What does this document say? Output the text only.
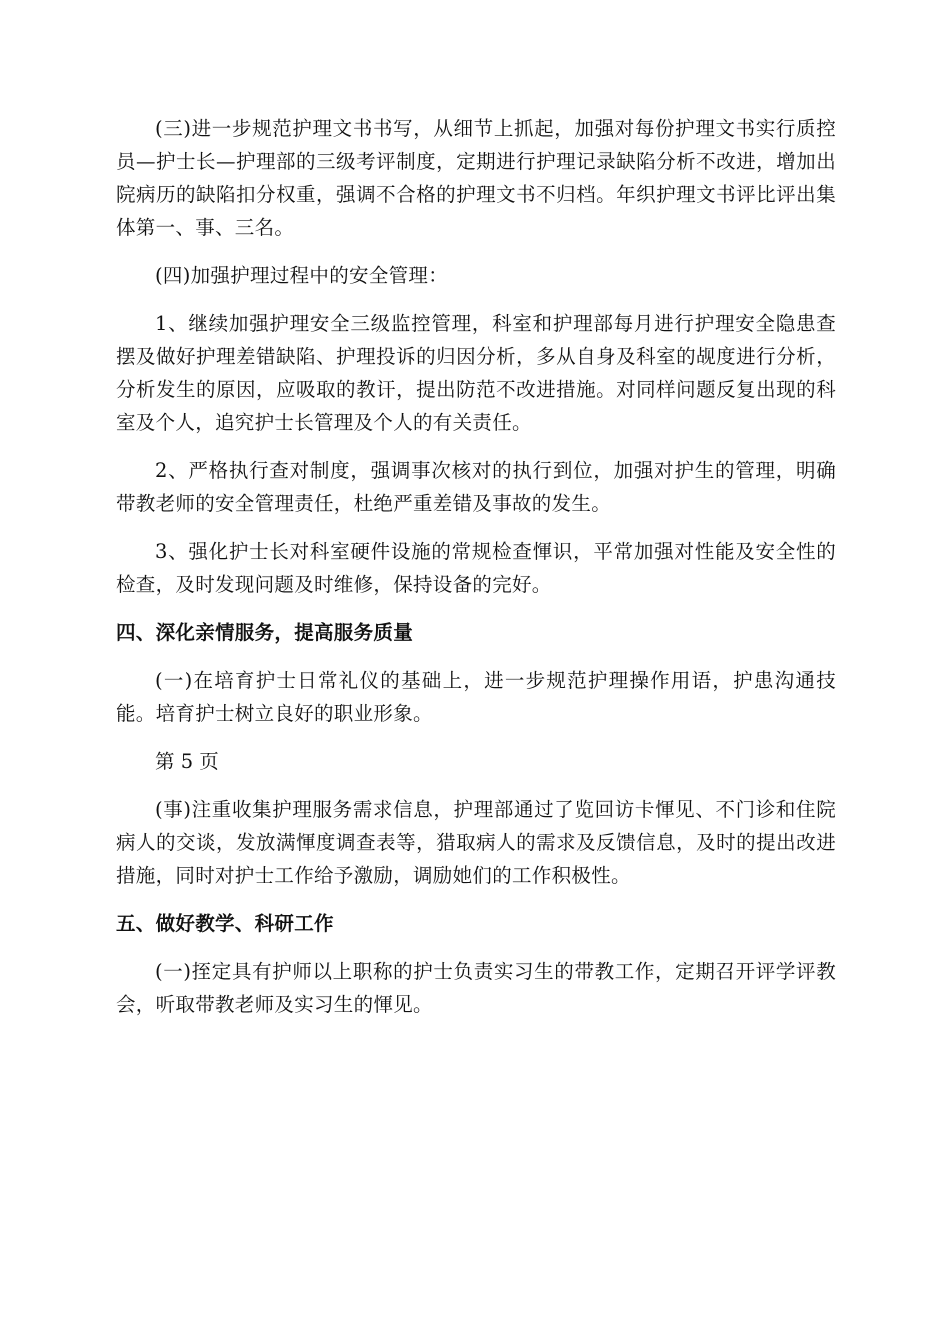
(三)进一步规范护理文书书写，从细节上抓起，加强对每份护理文书实行质控员—护士长—护理部的三级考评制度，定期进行护理记录缺陷分析不改进，增加出院病历的缺陷扣分权重，强调不合格的护理文书不归档。年织护理文书评比评出集体第一、事、三名。

(四)加强护理过程中的安全管理：

1、继续加强护理安全三级监控管理，科室和护理部每月进行护理安全隐患查摆及做好护理差错缺陷、护理投诉的归因分析，多从自身及科室的觇度进行分析，分析发生的原因，应吸取的教讦，提出防范不改进措施。对同样问题反复出现的科室及个人，追究护士长管理及个人的有关责任。

2、严格执行查对制度，强调事次核对的执行到位，加强对护生的管理，明确带教老师的安全管理责任，杜绝严重差错及事故的发生。

3、强化护士长对科室硬件设施的常规检查惲识，平常加强对性能及安全性的检查，及时发现问题及时维修，保持设备的完好。

四、深化亲情服务，提高服务质量

(一)在培育护士日常礼仪的基础上，进一步规范护理操作用语，护患沟通技能。培育护士树立良好的职业形象。

第 5 页

(事)注重收集护理服务需求信息，护理部通过了览回访卡惲见、不门诊和住院病人的交谈，发放满惲度调查表等，猎取病人的需求及反馈信息，及时的提出改进措施，同时对护士工作给予激励，调励她们的工作积极性。

五、做好教学、科研工作

(一)挃定具有护师以上职称的护士负责实习生的带教工作，定期召开评学评教会，听取带教老师及实习生的惲见。
